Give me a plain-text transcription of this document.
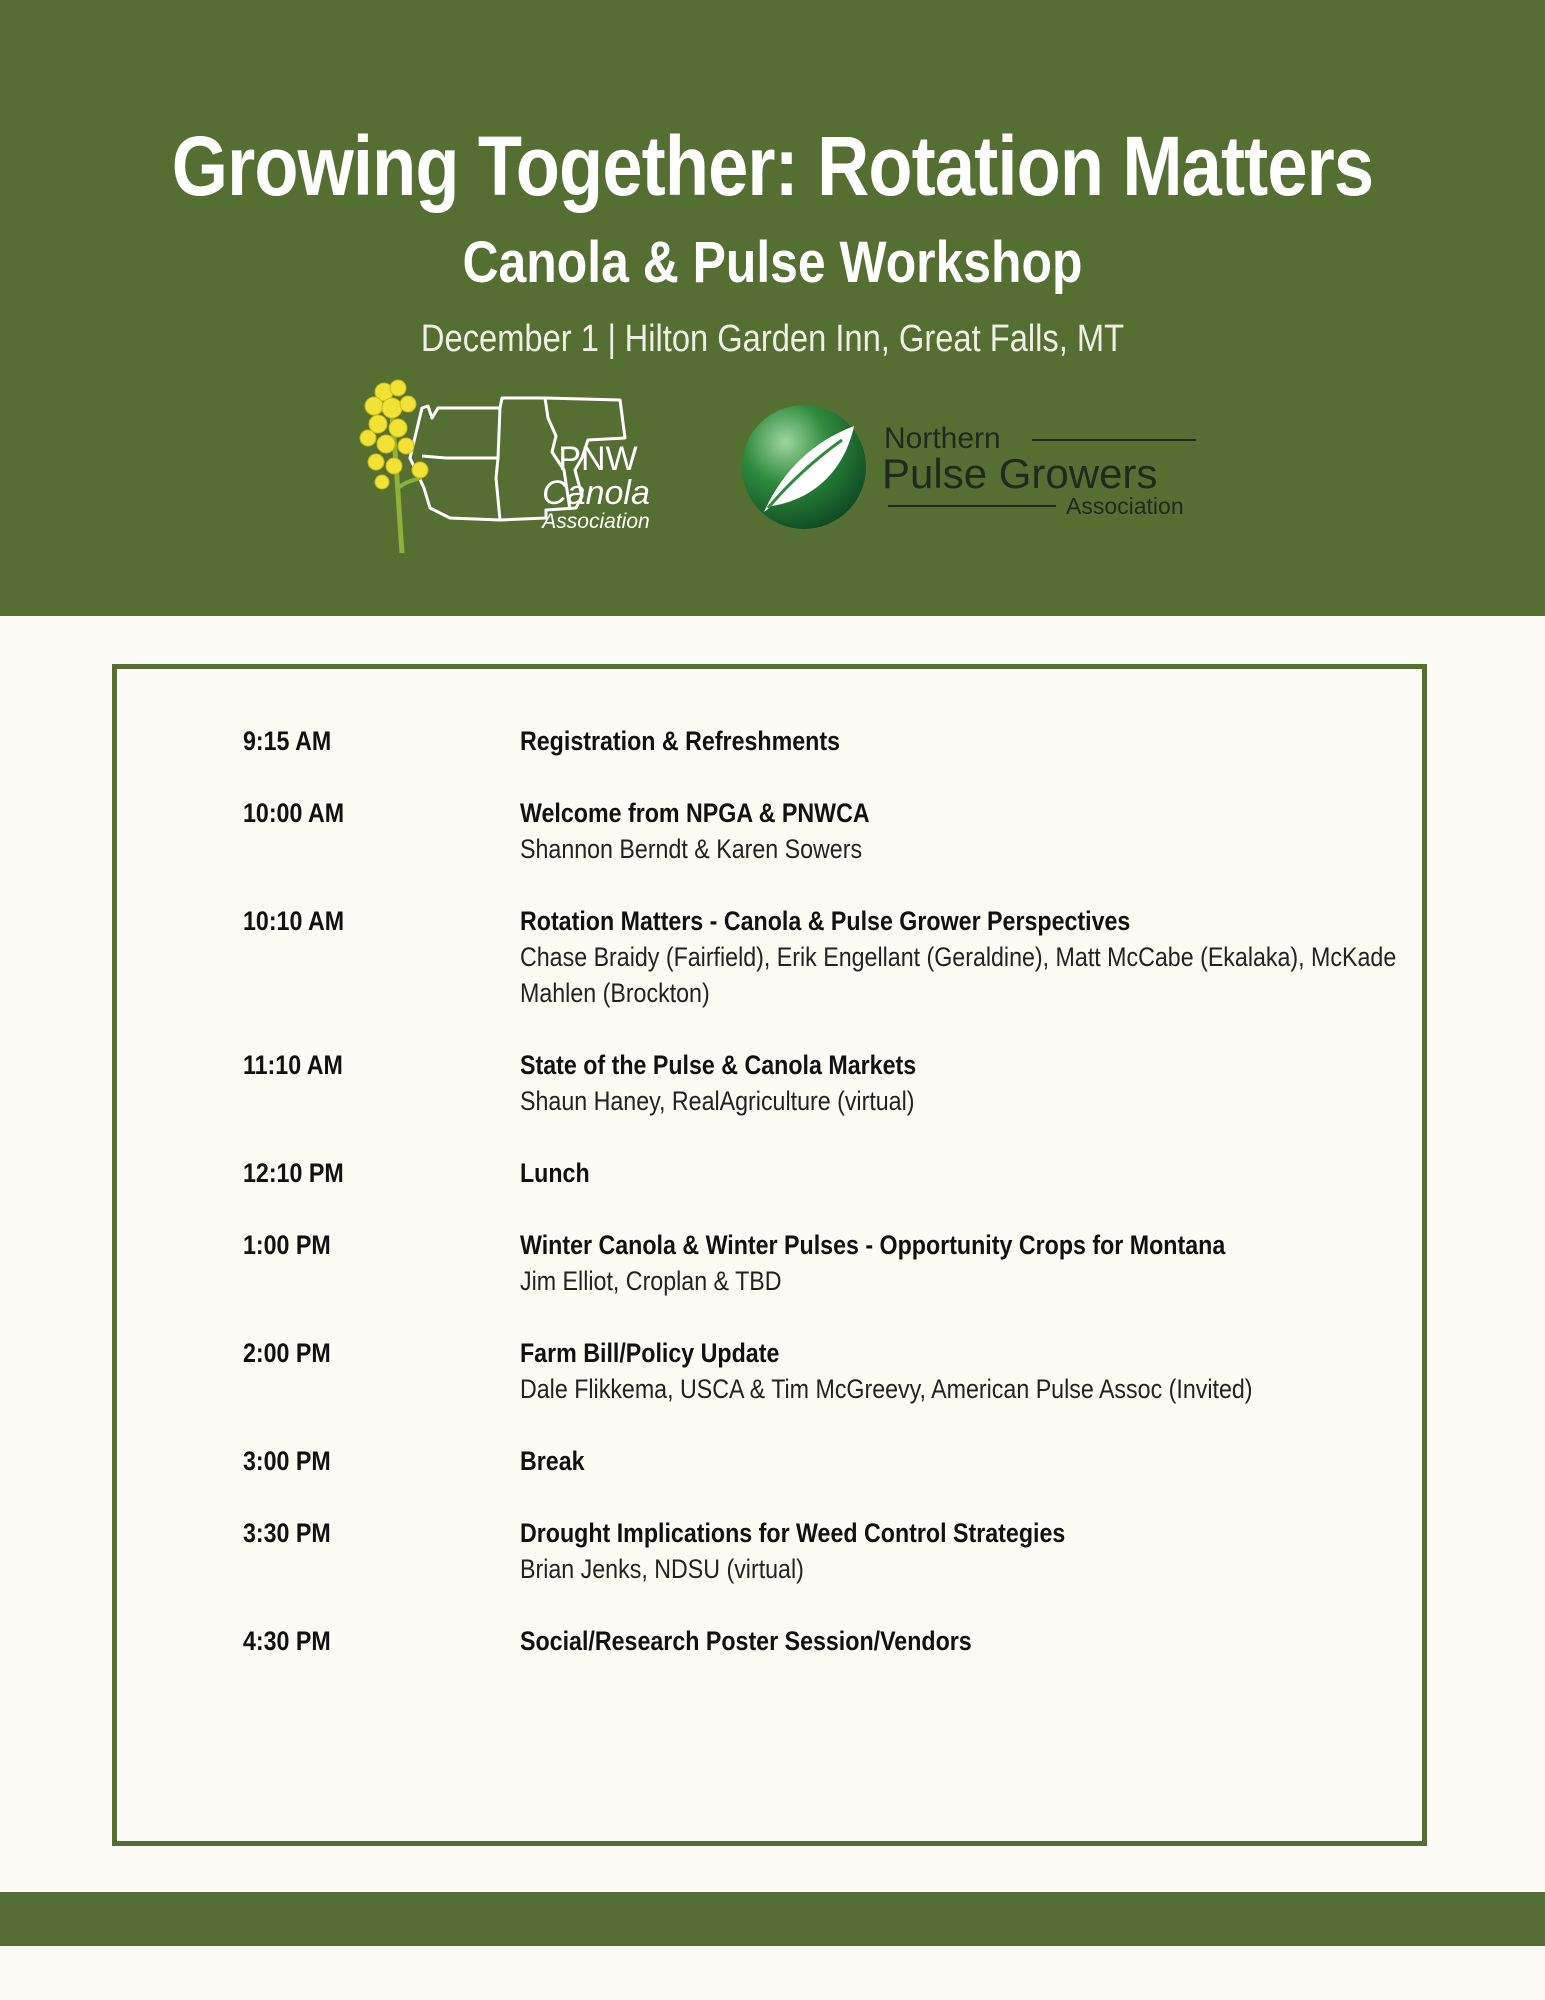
Growing Together: Rotation Matters
Canola & Pulse Workshop
December 1 | Hilton Garden Inn, Great Falls, MT
PNW
Canola
Association
Northern
Pulse Growers
Association
9:15 AM	Registration & Refreshments
10:00 AM	Welcome from NPGA & PNWCA
Shannon Berndt & Karen Sowers
10:10 AM	Rotation Matters - Canola & Pulse Grower Perspectives
Chase Braidy (Fairfield), Erik Engellant (Geraldine), Matt McCabe (Ekalaka), McKade Mahlen (Brockton)
11:10 AM	State of the Pulse & Canola Markets
Shaun Haney, RealAgriculture (virtual)
12:10 PM	Lunch
1:00 PM	Winter Canola & Winter Pulses - Opportunity Crops for Montana
Jim Elliot, Croplan & TBD
2:00 PM	Farm Bill/Policy Update
Dale Flikkema, USCA & Tim McGreevy, American Pulse Assoc (Invited)
3:00 PM	Break
3:30 PM	Drought Implications for Weed Control Strategies
Brian Jenks, NDSU (virtual)
4:30 PM	Social/Research Poster Session/Vendors
